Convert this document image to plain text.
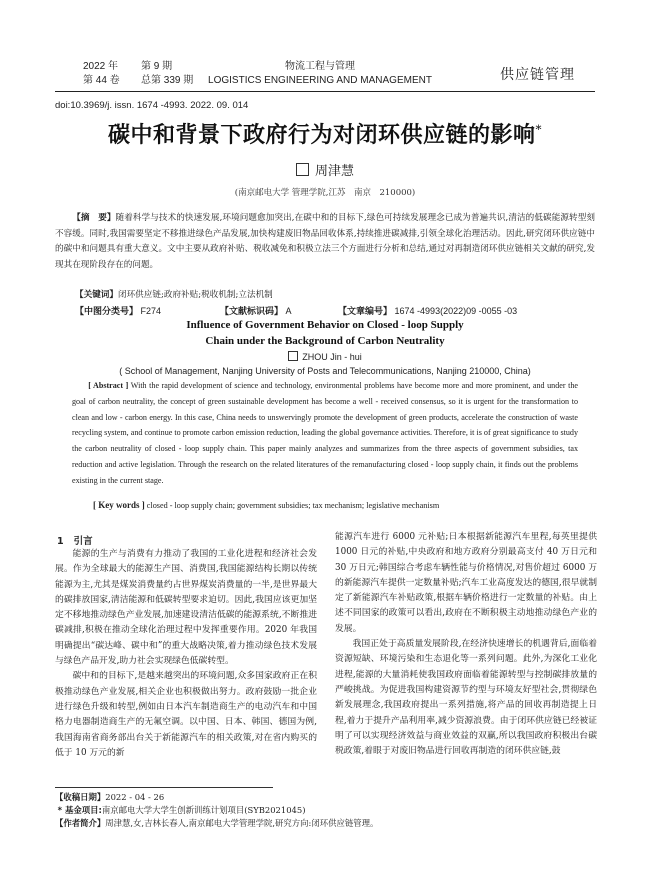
2022 年 第 9 期
第 44 卷 总第 339 期
物流工程与管理
LOGISTICS ENGINEERING AND MANAGEMENT	供应链管理
doi:10.3969/j. issn. 1674 -4993. 2022. 09. 014
碳中和背景下政府行为对闭环供应链的影响*
周津慧
(南京邮电大学 管理学院,江苏　南京　210000)
【摘　要】随着科学与技术的快速发展,环境问题愈加突出,在碳中和的目标下,绿色可持续发展理念已成为普遍共识,清洁的低碳能源转型刻不容缓。同时,我国需要坚定不移推进绿色产品发展,加快构建废旧物品回收体系,持续推进碳减排,引领全球化治理活动。因此,研究闭环供应链中的碳中和问题具有重大意义。文中主要从政府补贴、税收减免和积极立法三个方面进行分析和总结,通过对再制造闭环供应链相关文献的研究,发现其在现阶段存在的问题。
【关键词】闭环供应链;政府补贴;税收机制;立法机制
【中图分类号】 F274	【文献标识码】 A	【文章编号】 1674 -4993(2022)09 -0055 -03
Influence of Government Behavior on Closed - loop Supply
Chain under the Background of Carbon Neutrality
ZHOU Jin - hui
( School of Management, Nanjing University of Posts and Telecommunications, Nanjing 210000, China)
[ Abstract ] With the rapid development of science and technology, environmental problems have become more and more prominent, and under the goal of carbon neutrality, the concept of green sustainable development has become a well - received consensus, so it is urgent for the transformation to clean and low - carbon energy. In this case, China needs to unswervingly promote the development of green products, accelerate the construction of waste recycling system, and continue to promote carbon emission reduction, leading the global governance activities. Therefore, it is of great significance to study the carbon neutrality of closed - loop supply chain. This paper mainly analyzes and summarizes from the three aspects of government subsidies, tax reduction and active legislation. Through the research on the related literatures of the remanufacturing closed - loop supply chain, it finds out the problems existing in the current stage.
[ Key words ] closed - loop supply chain; government subsidies; tax mechanism; legislative mechanism
1 引言

能源的生产与消费有力推动了我国的工业化进程和经济社会发展。作为全球最大的能源生产国、消费国,我国能源结构长期以传统能源为主,尤其是煤炭消费量约占世界煤炭消费量的一半,是世界最大的碳排放国家,清洁能源和低碳转型要求迫切。因此,我国应该更加坚定不移地推动绿色产业发展,加速建设清洁低碳的能源系统,不断推进碳减排,积极在推动全球化治理过程中发挥重要作用。2020 年我国明确提出“碳达峰、碳中和”的重大战略决策,着力推动绿色技术发展与绿色产品开发,助力社会实现绿色低碳转型。

碳中和的目标下,是越来越突出的环境问题,众多国家政府正在积极推动绿色产业发展,相关企业也积极做出努力。政府鼓励一批企业进行绿色升级和转型,例如由日本汽车制造商生产的电动汽车和中国格力电器制造商生产的无氟空调。以中国、日本、韩国、德国为例,我国海南省商务部出台关于新能源汽车的相关政策,对在省内购买的低于 10 万元的新

能源汽车进行 6000 元补贴;日本根据新能源汽车里程,每英里提供 1000 日元的补贴,中央政府和地方政府分别最高支付 40 万日元和 30 万日元;韩国综合考虑车辆性能与价格情况,对售价超过 6000 万的新能源汽车提供一定数量补贴;汽车工业高度发达的德国,很早就制定了新能源汽车补贴政策,根据车辆价格进行一定数量的补贴。由上述不同国家的政策可以看出,政府在不断积极主动地推动绿色产业的发展。

我国正处于高质量发展阶段,在经济快速增长的机遇背后,面临着资源短缺、环境污染和生态退化等一系列问题。此外,为深化工业化进程,能源的大量消耗使我国政府面临着能源转型与控制碳排放量的严峻挑战。为促进我国构建资源节约型与环境友好型社会,贯彻绿色新发展理念,我国政府提出一系列措施,将产品的回收再制造提上日程,着力于提升产品利用率,减少资源浪费。由于闭环供应链已经被证明了可以实现经济效益与商业效益的双赢,所以我国政府积极出台碳税政策,着眼于对废旧物品进行回收再制造的闭环供应链,鼓

【收稿日期】2022 - 04 - 26
* 基金项目:南京邮电大学大学生创新训练计划项目(SYB2021045)
【作者简介】周津慧,女,吉林长春人,南京邮电大学管理学院,研究方向:闭环供应链管理。
